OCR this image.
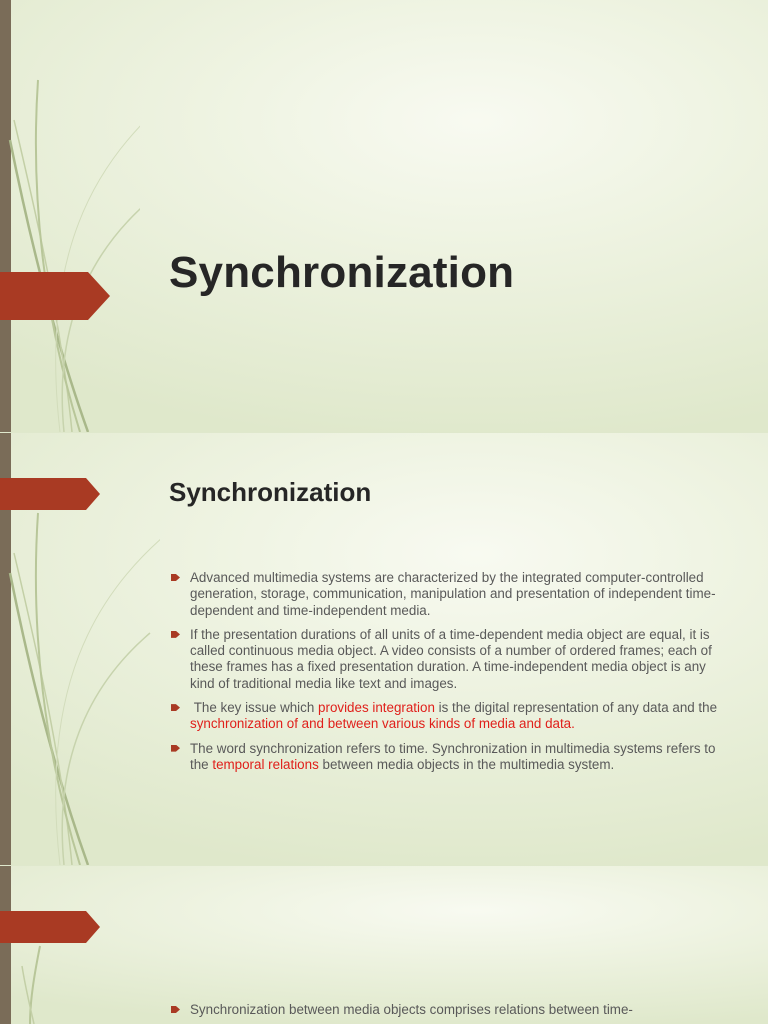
Synchronization
Synchronization
Advanced multimedia systems are characterized by the integrated computer-controlled generation, storage, communication, manipulation and presentation of independent time-dependent and time-independent media.
If the presentation durations of all units of a time-dependent media object are equal, it is called continuous media object. A video consists of a number of ordered frames; each of these frames has a fixed presentation duration. A time-independent media object is any kind of traditional media like text and images.
The key issue which provides integration is the digital representation of any data and the synchronization of and between various kinds of media and data.
The word synchronization refers to time. Synchronization in multimedia systems refers to the temporal relations between media objects in the multimedia system.
Synchronization between media objects comprises relations between time-
